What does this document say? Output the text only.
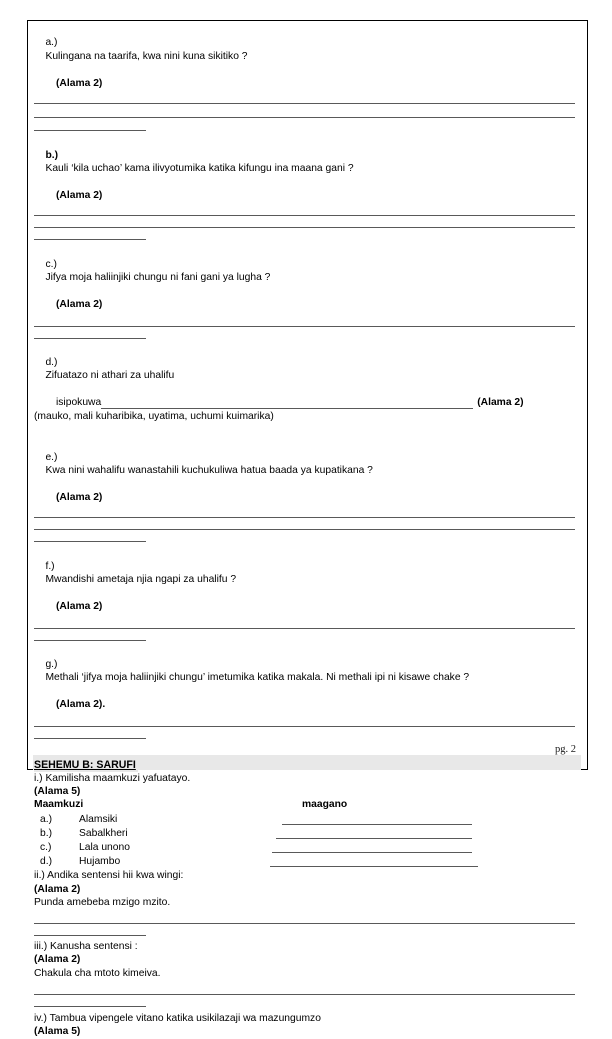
a.)
Kulingana na taarifa, kwa nini kuna sikitiko ?

(Alama 2)

b.)
Kauli ‘kila uchao’ kama ilivyotumika katika kifungu ina maana gani ?

(Alama 2)

c.)
Jifya moja haliinjiki chungu ni fani gani ya lugha ?

(Alama 2)

d.)
Zifuatazo ni athari za uhalifu

isipokuwa	(Alama 2)
(mauko, mali kuharibika, uyatima, uchumi kuimarika)

e.)
Kwa nini wahalifu wanastahili kuchukuliwa hatua baada ya kupatikana ?

(Alama 2)

f.)
Mwandishi ametaja njia ngapi za uhalifu ?

(Alama 2)

g.)
Methali ‘jifya moja haliinjiki chungu’ imetumika katika makala. Ni methali ipi ni kisawe chake ?

(Alama 2).
SEHEMU B: SARUFI
i.) Kamilisha maamkuzi yafuatayo.
(Alama 5)
Maamkuzi	maagano
a.)	Alamsiki
b.)	Sabalkheri
c.)	Lala unono
d.)	Hujambo
ii.) Andika sentensi hii kwa wingi:
(Alama 2)
Punda amebeba mzigo mzito.
iii.) Kanusha sentensi :
(Alama 2)
Chakula cha mtoto kimeiva.
iv.) Tambua vipengele vitano katika usikilazaji wa mazungumzo
(Alama 5)
pg. 2
